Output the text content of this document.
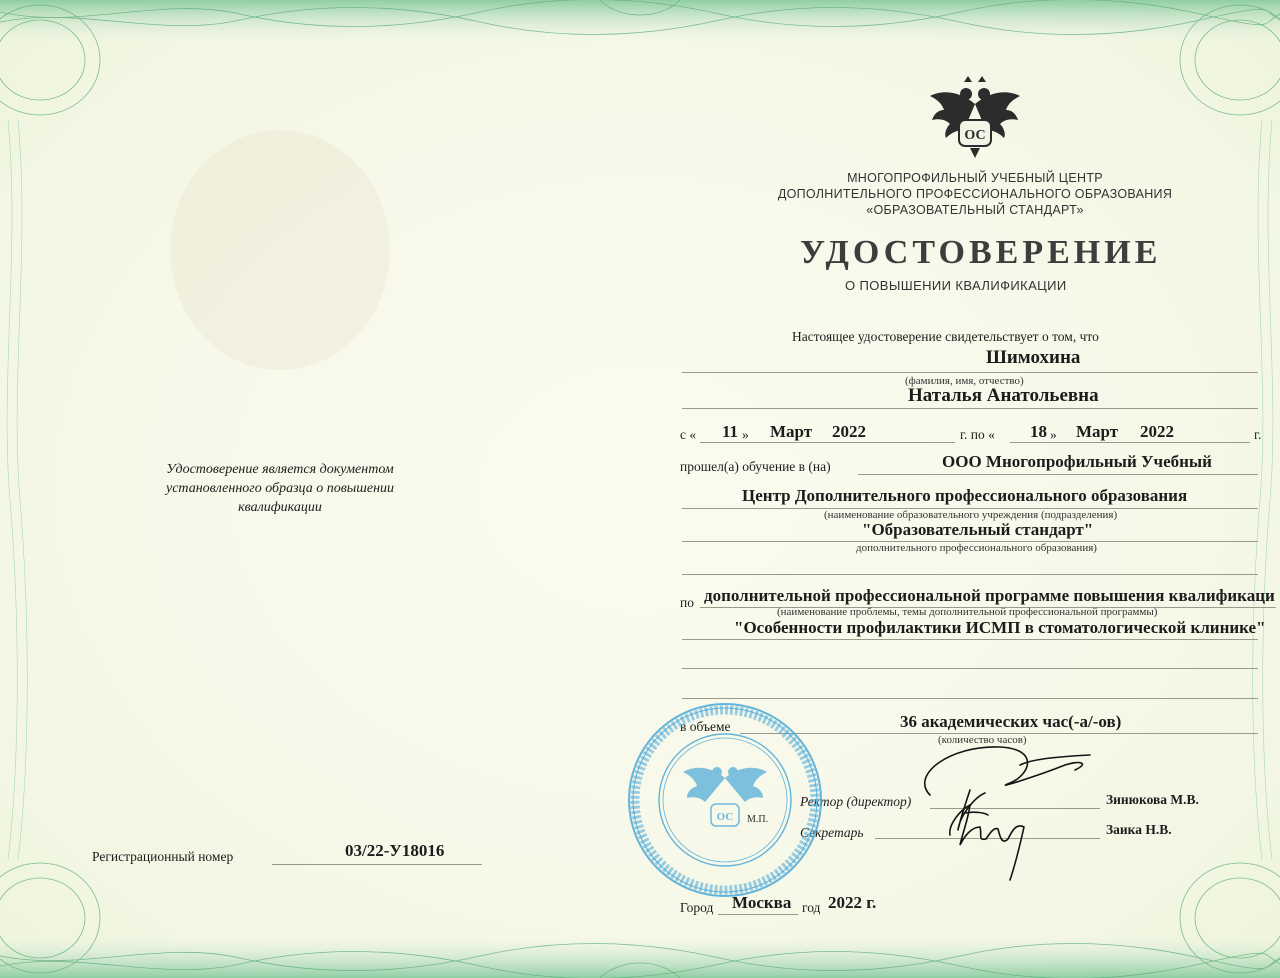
Удостоверение является документом
установленного образца о повышении квалификации
Регистрационный номер	03/22-У18016
ОС
МНОГОПРОФИЛЬНЫЙ УЧЕБНЫЙ ЦЕНТР
ДОПОЛНИТЕЛЬНОГО ПРОФЕССИОНАЛЬНОГО ОБРАЗОВАНИЯ
«ОБРАЗОВАТЕЛЬНЫЙ СТАНДАРТ»
УДОСТОВЕРЕНИЕ
О ПОВЫШЕНИИ КВАЛИФИКАЦИИ
Настоящее удостоверение свидетельствует о том, что
Шимохина
(фамилия, имя, отчество)
Наталья Анатольевна
с « 11 » Март 2022	г. по « 18 » Март 2022	г.
прошел(а) обучение в (на)	ООО Многопрофильный Учебный
Центр Дополнительного профессионального образования
(наименование образовательного учреждения (подразделения)
"Образовательный стандарт"
дополнительного профессионального образования)
по дополнительной профессиональной программе повышения квалификаци
(наименование проблемы, темы дополнительной профессиональной программы)
"Особенности профилактики ИСМП в стоматологической клинике"
в объеме	36 академических час(-а/-ов)
(количество часов)
Ректор (директор)	Зинюкова М.В.
Секретарь	Заика Н.В.
ОС М.П.
Город Москва год 2022 г.
